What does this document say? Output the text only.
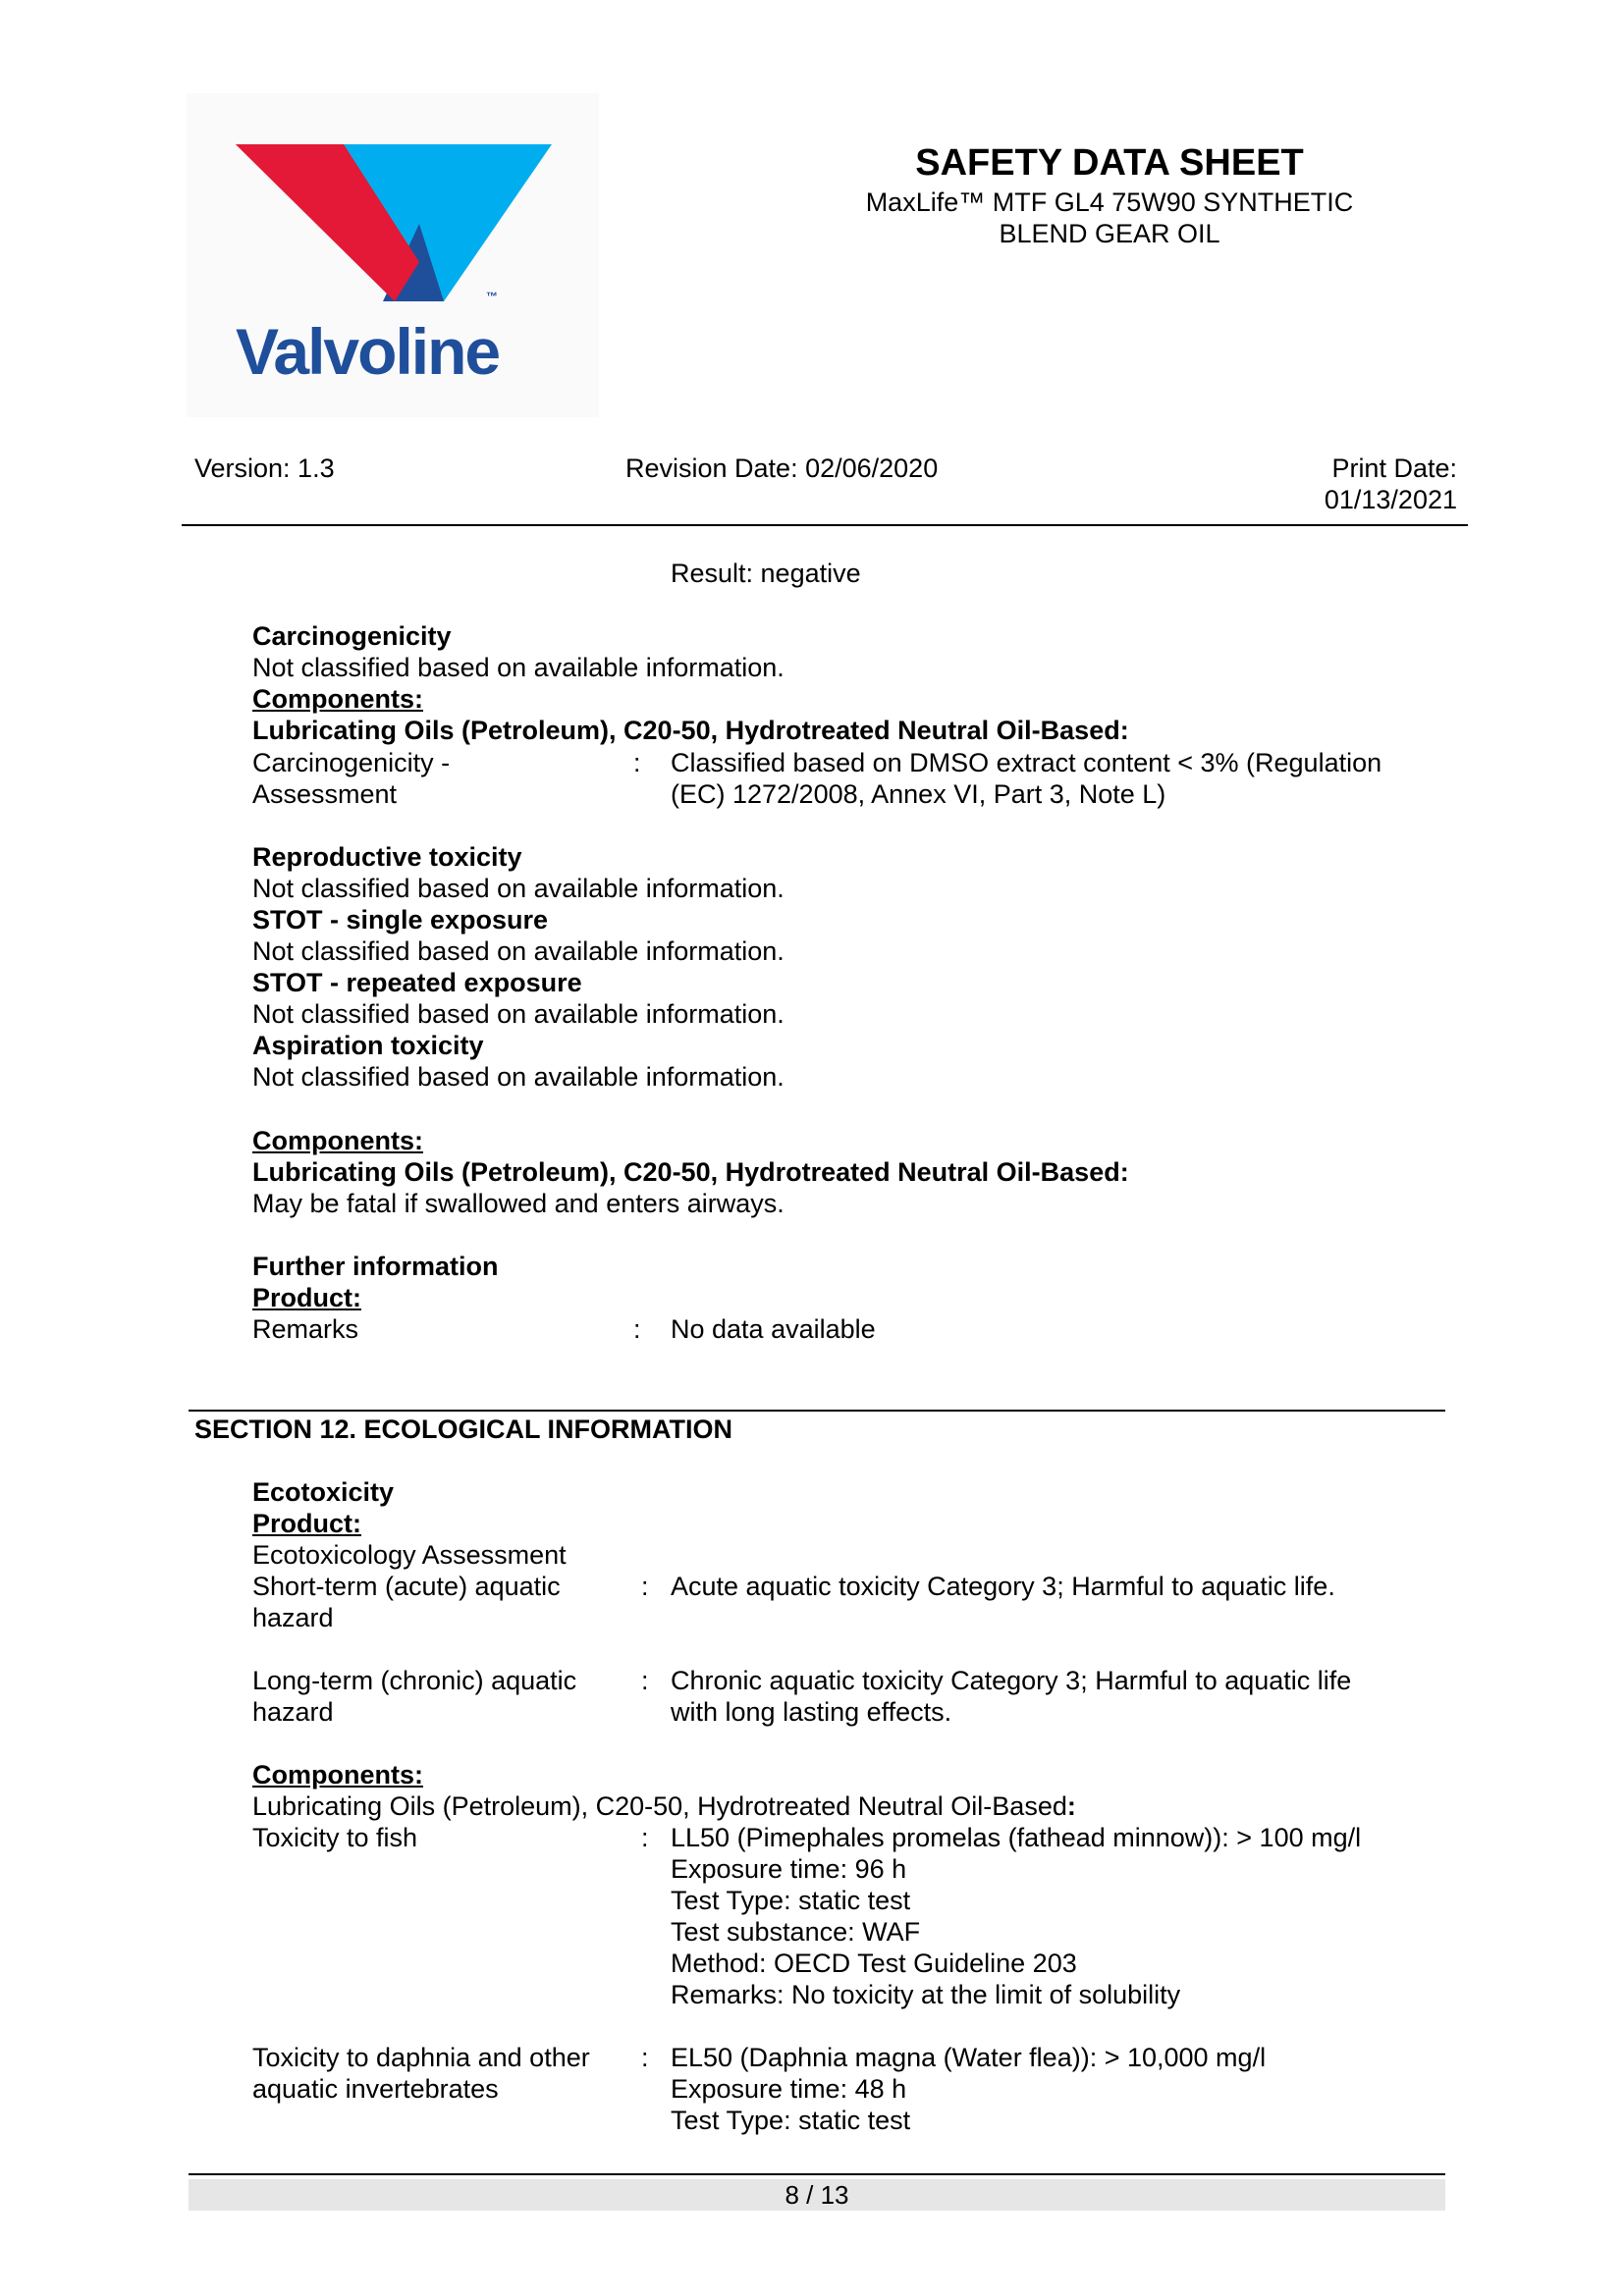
Valvoline
™
SAFETY DATA SHEET
MaxLife™ MTF GL4 75W90 SYNTHETIC
BLEND GEAR OIL
Version: 1.3	Revision Date: 02/06/2020	Print Date:
01/13/2021
Result: negative
Carcinogenicity
Not classified based on available information.
Components:
Lubricating Oils (Petroleum), C20-50, Hydrotreated Neutral Oil-Based:
Carcinogenicity -
Assessment
: Classified based on DMSO extract content < 3% (Regulation
(EC) 1272/2008, Annex VI, Part 3, Note L)
Reproductive toxicity
Not classified based on available information.
STOT - single exposure
Not classified based on available information.
STOT - repeated exposure
Not classified based on available information.
Aspiration toxicity
Not classified based on available information.
Components:
Lubricating Oils (Petroleum), C20-50, Hydrotreated Neutral Oil-Based:
May be fatal if swallowed and enters airways.
Further information
Product:
Remarks	: No data available
SECTION 12. ECOLOGICAL INFORMATION
Ecotoxicity
Product:
Ecotoxicology Assessment
Short-term (acute) aquatic
hazard
: Acute aquatic toxicity Category 3; Harmful to aquatic life.
Long-term (chronic) aquatic
hazard
: Chronic aquatic toxicity Category 3; Harmful to aquatic life
with long lasting effects.
Components:
Lubricating Oils (Petroleum), C20-50, Hydrotreated Neutral Oil-Based:
Toxicity to fish	: LL50 (Pimephales promelas (fathead minnow)): > 100 mg/l
Exposure time: 96 h
Test Type: static test
Test substance: WAF
Method: OECD Test Guideline 203
Remarks: No toxicity at the limit of solubility
Toxicity to daphnia and other
aquatic invertebrates
: EL50 (Daphnia magna (Water flea)): > 10,000 mg/l
Exposure time: 48 h
Test Type: static test
8 / 13
